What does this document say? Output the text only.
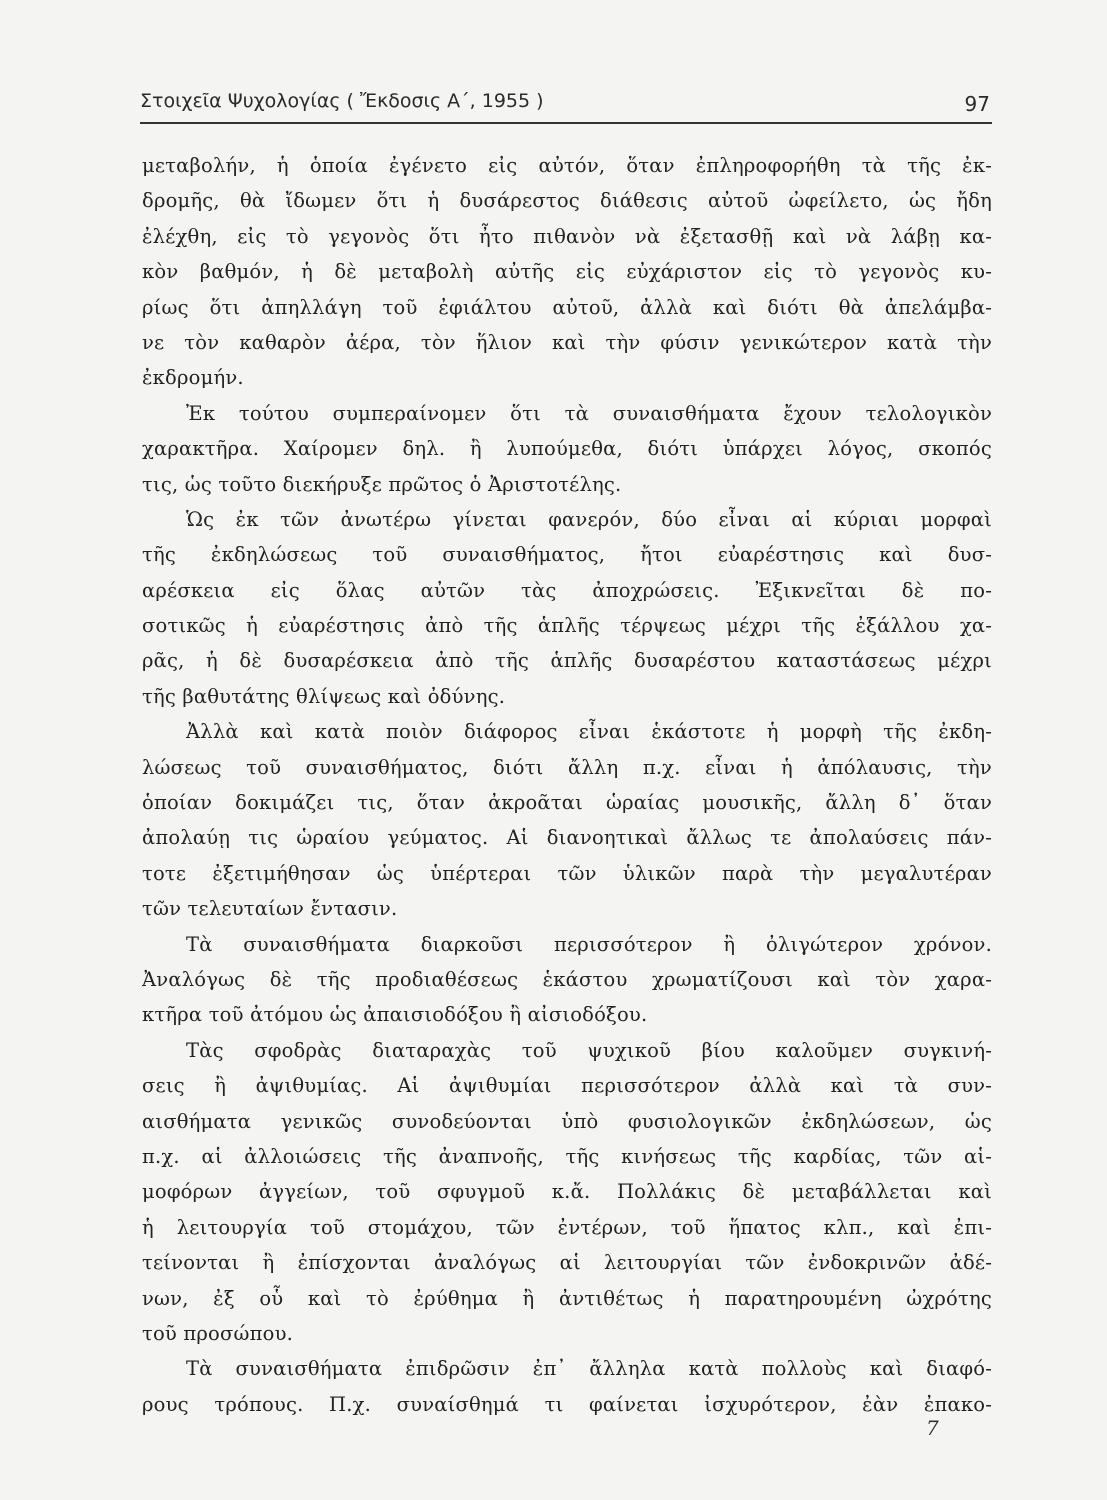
Στοιχεῖα Ψυχολογίας ( Ἔκδοσις Α΄, 1955 )	97
μεταβολήν, ἡ ὁποία ἐγένετο εἰς αὐτόν, ὅταν ἐπληροφορήθη τὰ τῆς ἐκ-
δρομῆς, θὰ ἴδωμεν ὅτι ἡ δυσάρεστος διάθεσις αὐτοῦ ὠφείλετο, ὡς ἤδη
ἐλέχθη, εἰς τὸ γεγονὸς ὅτι ἦτο πιθανὸν νὰ ἐξετασθῇ καὶ νὰ λάβῃ κα-
κὸν βαθμόν, ἡ δὲ μεταβολὴ αὐτῆς εἰς εὐχάριστον εἰς τὸ γεγονὸς κυ-
ρίως ὅτι ἀπηλλάγη τοῦ ἐφιάλτου αὐτοῦ, ἀλλὰ καὶ διότι θὰ ἀπελάμβα-
νε τὸν καθαρὸν ἀέρα, τὸν ἥλιον καὶ τὴν φύσιν γενικώτερον κατὰ τὴν
ἐκδρομήν.
Ἐκ τούτου συμπεραίνομεν ὅτι τὰ συναισθήματα ἔχουν τελολογικὸν
χαρακτῆρα. Χαίρομεν δηλ. ἢ λυπούμεθα, διότι ὑπάρχει λόγος, σκοπός
τις, ὡς τοῦτο διεκήρυξε πρῶτος ὁ Ἀριστοτέλης.
Ὡς ἐκ τῶν ἀνωτέρω γίνεται φανερόν, δύο εἶναι αἱ κύριαι μορφαὶ
τῆς ἐκδηλώσεως τοῦ συναισθήματος, ἤτοι εὐαρέστησις καὶ δυσ-
αρέσκεια εἰς ὅλας αὐτῶν τὰς ἀποχρώσεις. Ἐξικνεῖται δὲ πο-
σοτικῶς ἡ εὐαρέστησις ἀπὸ τῆς ἁπλῆς τέρψεως μέχρι τῆς ἐξάλλου χα-
ρᾶς, ἡ δὲ δυσαρέσκεια ἀπὸ τῆς ἁπλῆς δυσαρέστου καταστάσεως μέχρι
τῆς βαθυτάτης θλίψεως καὶ ὀδύνης.
Ἀλλὰ καὶ κατὰ ποιὸν διάφορος εἶναι ἑκάστοτε ἡ μορφὴ τῆς ἐκδη-
λώσεως τοῦ συναισθήματος, διότι ἄλλη π.χ. εἶναι ἡ ἀπόλαυσις, τὴν
ὁποίαν δοκιμάζει τις, ὅταν ἀκροᾶται ὡραίας μουσικῆς, ἄλλη δ᾽ ὅταν
ἀπολαύῃ τις ὡραίου γεύματος. Αἱ διανοητικαὶ ἄλλως τε ἀπολαύσεις πάν-
τοτε ἐξετιμήθησαν ὡς ὑπέρτεραι τῶν ὑλικῶν παρὰ τὴν μεγαλυτέραν
τῶν τελευταίων ἔντασιν.
Τὰ συναισθήματα διαρκοῦσι περισσότερον ἢ ὀλιγώτερον χρόνον.
Ἀναλόγως δὲ τῆς προδιαθέσεως ἑκάστου χρωματίζουσι καὶ τὸν χαρα-
κτῆρα τοῦ ἀτόμου ὡς ἀπαισιοδόξου ἢ αἰσιοδόξου.
Τὰς σφοδρὰς διαταραχὰς τοῦ ψυχικοῦ βίου καλοῦμεν συγκινή-
σεις ἢ ἀψιθυμίας. Αἱ ἀψιθυμίαι περισσότερον ἀλλὰ καὶ τὰ συν-
αισθήματα γενικῶς συνοδεύονται ὑπὸ φυσιολογικῶν ἐκδηλώσεων, ὡς
π.χ. αἱ ἀλλοιώσεις τῆς ἀναπνοῆς, τῆς κινήσεως τῆς καρδίας, τῶν αἱ-
μοφόρων ἀγγείων, τοῦ σφυγμοῦ κ.ἄ. Πολλάκις δὲ μεταβάλλεται καὶ
ἡ λειτουργία τοῦ στομάχου, τῶν ἐντέρων, τοῦ ἥπατος κλπ., καὶ ἐπι-
τείνονται ἢ ἐπίσχονται ἀναλόγως αἱ λειτουργίαι τῶν ἐνδοκρινῶν ἀδέ-
νων, ἐξ οὗ καὶ τὸ ἐρύθημα ἢ ἀντιθέτως ἡ παρατηρουμένη ὠχρότης
τοῦ προσώπου.
Τὰ συναισθήματα ἐπιδρῶσιν ἐπ᾽ ἄλληλα κατὰ πολλοὺς καὶ διαφό-
ρους τρόπους. Π.χ. συναίσθημά τι φαίνεται ἰσχυρότερον, ἐὰν ἐπακο-
7
